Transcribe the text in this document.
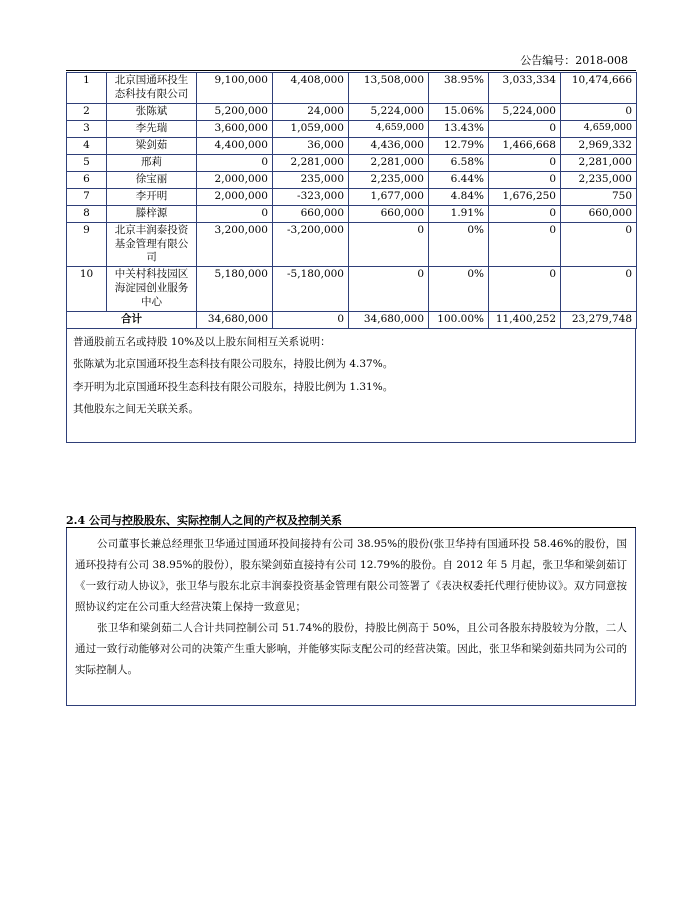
公告编号：2018-008
1	北京国通环投生态科技有限公司	9,100,000	4,408,000	13,508,000	38.95%	3,033,334	10,474,666
2	张陈斌	5,200,000	24,000	5,224,000	15.06%	5,224,000	0
3	李先瑞	3,600,000	1,059,000	4,659,000	13.43%	0	4,659,000
4	梁剑茹	4,400,000	36,000	4,436,000	12.79%	1,466,668	2,969,332
5	邢莉	0	2,281,000	2,281,000	6.58%	0	2,281,000
6	徐宝丽	2,000,000	235,000	2,235,000	6.44%	0	2,235,000
7	李开明	2,000,000	-323,000	1,677,000	4.84%	1,676,250	750
8	滕梓源	0	660,000	660,000	1.91%	0	660,000
9	北京丰润泰投资基金管理有限公司	3,200,000	-3,200,000	0	0%	0	0
10	中关村科技园区海淀园创业服务中心	5,180,000	-5,180,000	0	0%	0	0
合计		34,680,000	0	34,680,000	100.00%	11,400,252	23,279,748

普通股前五名或持股 10%及以上股东间相互关系说明：

张陈斌为北京国通环投生态科技有限公司股东，持股比例为 4.37%。

李开明为北京国通环投生态科技有限公司股东，持股比例为 1.31%。

其他股东之间无关联关系。

2.4 公司与控股股东、实际控制人之间的产权及控制关系

公司董事长兼总经理张卫华通过国通环投间接持有公司 38.95%的股份(张卫华持有国通环投 58.46%的股份，国通环投持有公司 38.95%的股份），股东梁剑茹直接持有公司 12.79%的股份。自 2012 年 5 月起，张卫华和梁剑茹订《一致行动人协议》，张卫华与股东北京丰润泰投资基金管理有限公司签署了《表决权委托代理行使协议》。双方同意按照协议约定在公司重大经营决策上保持一致意见；

张卫华和梁剑茹二人合计共同控制公司 51.74%的股份，持股比例高于 50%，且公司各股东持股较为分散，二人通过一致行动能够对公司的决策产生重大影响，并能够实际支配公司的经营决策。因此，张卫华和梁剑茹共同为公司的实际控制人。
